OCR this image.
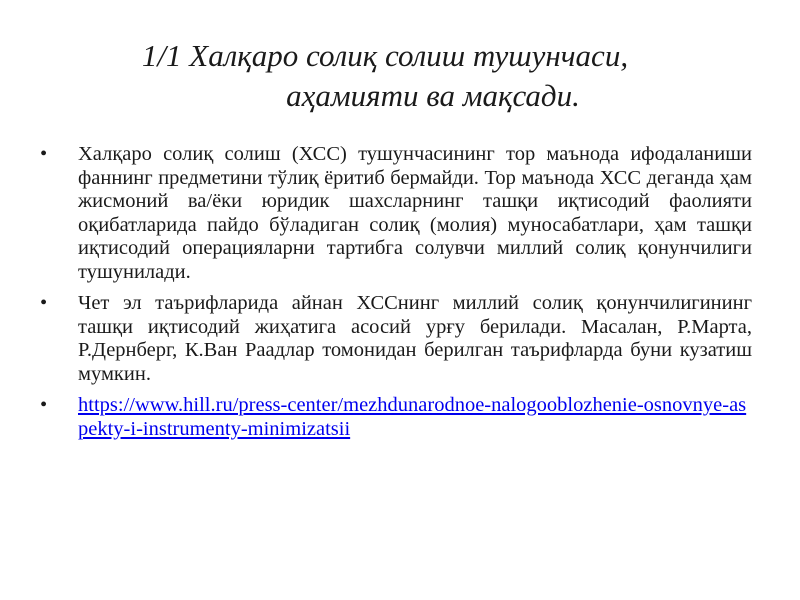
1/1 Халқаро солиқ солиш тушунчаси,
аҳамияти ва мақсади.
•	Халқаро солиқ солиш (ХСС) тушунчасининг тор маънода ифодаланиши фаннинг предметини тўлиқ ёритиб бермайди. Тор маънода ХСС деганда ҳам жисмоний ва/ёки юридик шахсларнинг ташқи иқтисодий фаолияти оқибатларида пайдо бўладиган солиқ (молия) муносабатлари, ҳам ташқи иқтисодий операцияларни тартибга солувчи миллий солиқ қонунчилиги тушунилади.
•	Чет эл таърифларида айнан ХССнинг миллий солиқ қонунчилигининг ташқи иқтисодий жиҳатига асосий урғу берилади. Масалан, Р.Марта, Р.Дернберг, К.Ван Раадлар томонидан берилган таърифларда буни кузатиш мумкин.
•	https://www.hill.ru/press-center/mezhdunarodnoe-nalogooblozhenie-osnovnye-aspekty-i-instrumenty-minimizatsii
